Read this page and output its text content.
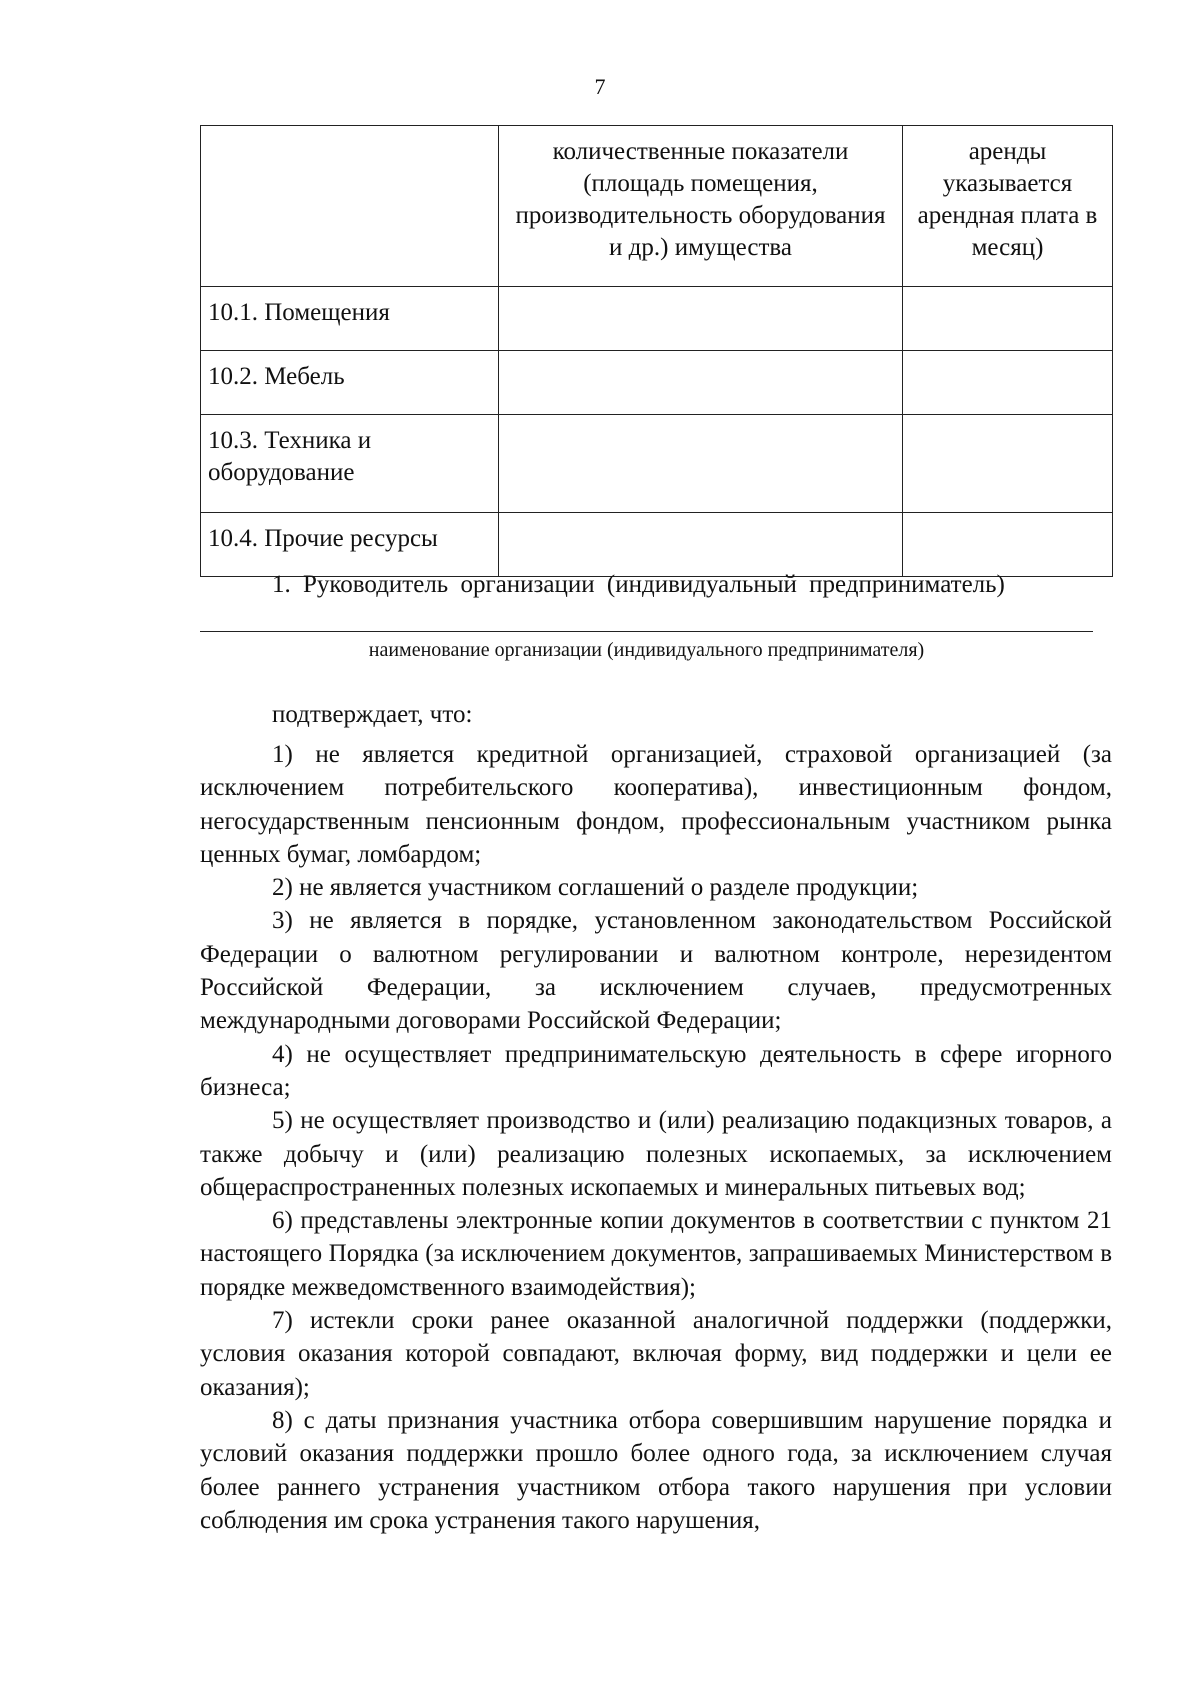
7
	количественные показатели (площадь помещения, производительность оборудования и др.) имущества	аренды указывается арендная плата в месяц)
10.1. Помещения		
10.2. Мебель		
10.3. Техника и оборудование		
10.4. Прочие ресурсы		
1. Руководитель организации (индивидуальный предприниматель)
наименование организации (индивидуального предпринимателя)
подтверждает, что:

1) не является кредитной организацией, страховой организацией (за исключением потребительского кооператива), инвестиционным фондом, негосударственным пенсионным фондом, профессиональным участником рынка ценных бумаг, ломбардом;

2) не является участником соглашений о разделе продукции;

3) не является в порядке, установленном законодательством Российской Федерации о валютном регулировании и валютном контроле, нерезидентом Российской Федерации, за исключением случаев, предусмотренных международными договорами Российской Федерации;

4) не осуществляет предпринимательскую деятельность в сфере игорного бизнеса;

5) не осуществляет производство и (или) реализацию подакцизных товаров, а также добычу и (или) реализацию полезных ископаемых, за исключением общераспространенных полезных ископаемых и минеральных питьевых вод;

6) представлены электронные копии документов в соответствии с пунктом 21 настоящего Порядка (за исключением документов, запрашиваемых Министерством в порядке межведомственного взаимодействия);

7) истекли сроки ранее оказанной аналогичной поддержки (поддержки, условия оказания которой совпадают, включая форму, вид поддержки и цели ее оказания);

8) с даты признания участника отбора совершившим нарушение порядка и условий оказания поддержки прошло более одного года, за исключением случая более раннего устранения участником отбора такого нарушения при условии соблюдения им срока устранения такого нарушения,
